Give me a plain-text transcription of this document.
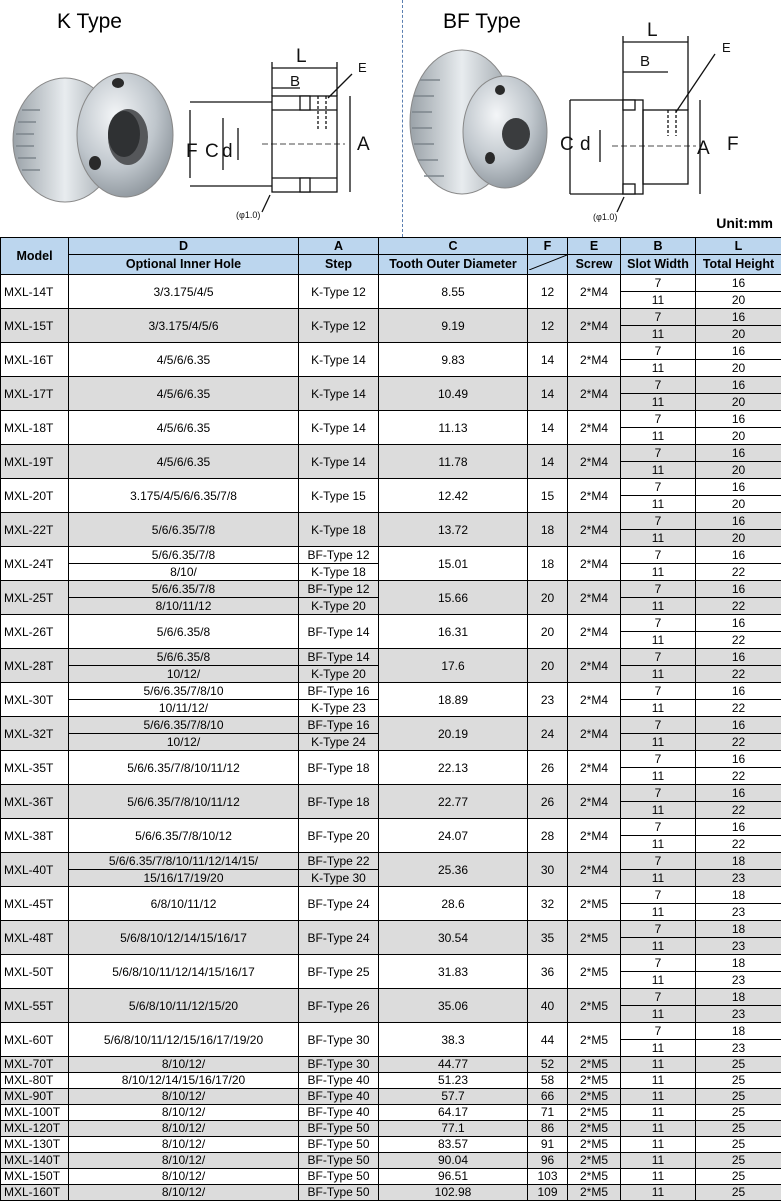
K Type	BF Type
L
B
E
A
F C d
(φ1.0)
L
B
E
A F
C d
(φ1.0)	Unit:mm
Model	D	A	C	F	E	B	L
	Optional Inner Hole	Step	Tooth Outer Diameter		Screw	Slot Width	Total Height
MXL-14T	3/3.175/4/5	K-Type 12	8.55	12	2*M4	7	16
						11	20
MXL-15T	3/3.175/4/5/6	K-Type 12	9.19	12	2*M4	7	16
						11	20
MXL-16T	4/5/6/6.35	K-Type 14	9.83	14	2*M4	7	16
						11	20
MXL-17T	4/5/6/6.35	K-Type 14	10.49	14	2*M4	7	16
						11	20
MXL-18T	4/5/6/6.35	K-Type 14	11.13	14	2*M4	7	16
						11	20
MXL-19T	4/5/6/6.35	K-Type 14	11.78	14	2*M4	7	16
						11	20
MXL-20T	3.175/4/5/6/6.35/7/8	K-Type 15	12.42	15	2*M4	7	16
						11	20
MXL-22T	5/6/6.35/7/8	K-Type 18	13.72	18	2*M4	7	16
						11	20
MXL-24T	5/6/6.35/7/8	BF-Type 12	15.01	18	2*M4	7	16
	8/10/	K-Type 18				11	22
MXL-25T	5/6/6.35/7/8	BF-Type 12	15.66	20	2*M4	7	16
	8/10/11/12	K-Type 20				11	22
MXL-26T	5/6/6.35/8	BF-Type 14	16.31	20	2*M4	7	16
						11	22
MXL-28T	5/6/6.35/8	BF-Type 14	17.6	20	2*M4	7	16
	10/12/	K-Type 20				11	22
MXL-30T	5/6/6.35/7/8/10	BF-Type 16	18.89	23	2*M4	7	16
	10/11/12/	K-Type 23				11	22
MXL-32T	5/6/6.35/7/8/10	BF-Type 16	20.19	24	2*M4	7	16
	10/12/	K-Type 24				11	22
MXL-35T	5/6/6.35/7/8/10/11/12	BF-Type 18	22.13	26	2*M4	7	16
						11	22
MXL-36T	5/6/6.35/7/8/10/11/12	BF-Type 18	22.77	26	2*M4	7	16
						11	22
MXL-38T	5/6/6.35/7/8/10/12	BF-Type 20	24.07	28	2*M4	7	16
						11	22
MXL-40T	5/6/6.35/7/8/10/11/12/14/15/	BF-Type 22	25.36	30	2*M4	7	18
	15/16/17/19/20	K-Type 30				11	23
MXL-45T	6/8/10/11/12	BF-Type 24	28.6	32	2*M5	7	18
						11	23
MXL-48T	5/6/8/10/12/14/15/16/17	BF-Type 24	30.54	35	2*M5	7	18
						11	23
MXL-50T	5/6/8/10/11/12/14/15/16/17	BF-Type 25	31.83	36	2*M5	7	18
						11	23
MXL-55T	5/6/8/10/11/12/15/20	BF-Type 26	35.06	40	2*M5	7	18
						11	23
MXL-60T	5/6/8/10/11/12/15/16/17/19/20	BF-Type 30	38.3	44	2*M5	7	18
						11	23
MXL-70T	8/10/12/	BF-Type 30	44.77	52	2*M5	11	25
MXL-80T	8/10/12/14/15/16/17/20	BF-Type 40	51.23	58	2*M5	11	25
MXL-90T	8/10/12/	BF-Type 40	57.7	66	2*M5	11	25
MXL-100T	8/10/12/	BF-Type 40	64.17	71	2*M5	11	25
MXL-120T	8/10/12/	BF-Type 50	77.1	86	2*M5	11	25
MXL-130T	8/10/12/	BF-Type 50	83.57	91	2*M5	11	25
MXL-140T	8/10/12/	BF-Type 50	90.04	96	2*M5	11	25
MXL-150T	8/10/12/	BF-Type 50	96.51	103	2*M5	11	25
MXL-160T	8/10/12/	BF-Type 50	102.98	109	2*M5	11	25
